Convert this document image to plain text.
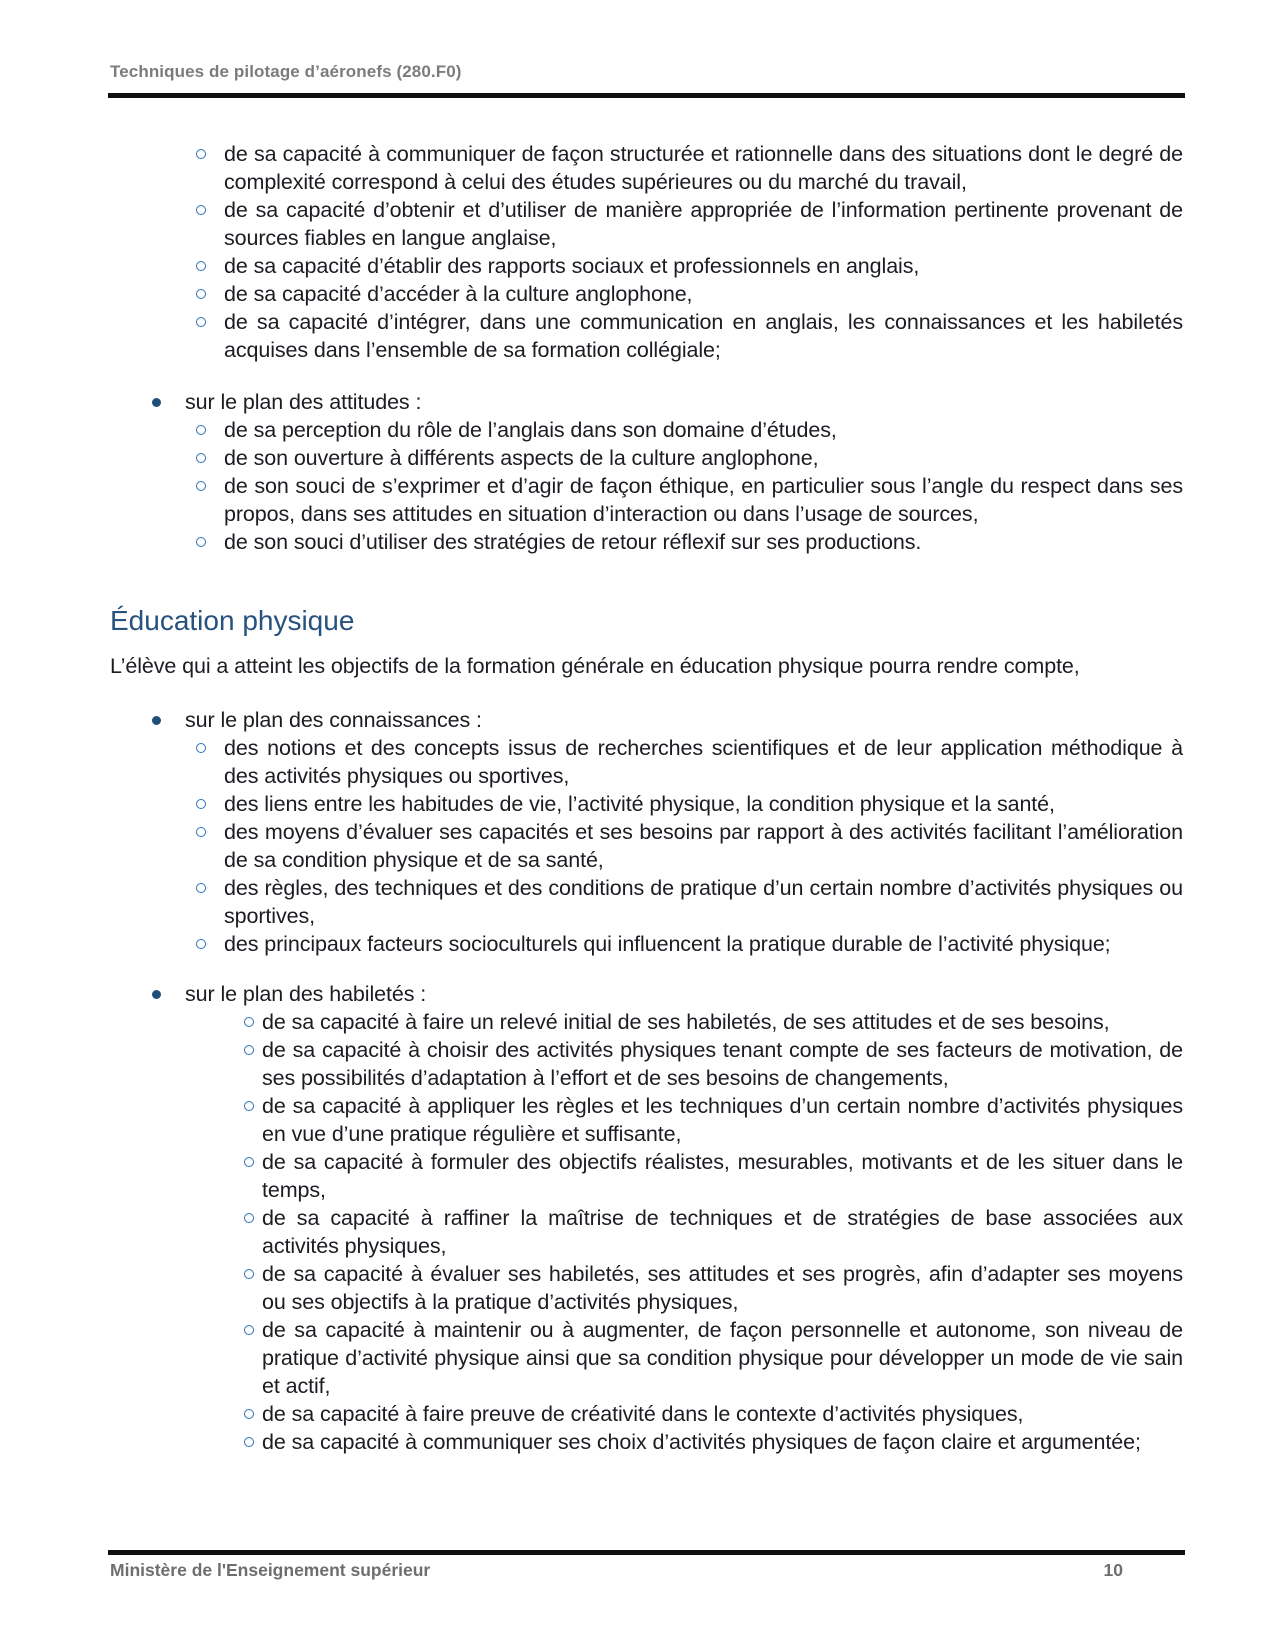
Techniques de pilotage d’aéronefs (280.F0)
de sa capacité à communiquer de façon structurée et rationnelle dans des situations dont le degré de complexité correspond à celui des études supérieures ou du marché du travail,
de sa capacité d’obtenir et d’utiliser de manière appropriée de l’information pertinente provenant de sources fiables en langue anglaise,
de sa capacité d’établir des rapports sociaux et professionnels en anglais,
de sa capacité d’accéder à la culture anglophone,
de sa capacité d’intégrer, dans une communication en anglais, les connaissances et les habiletés acquises dans l’ensemble de sa formation collégiale;
sur le plan des attitudes :
de sa perception du rôle de l’anglais dans son domaine d’études,
de son ouverture à différents aspects de la culture anglophone,
de son souci de s’exprimer et d’agir de façon éthique, en particulier sous l’angle du respect dans ses propos, dans ses attitudes en situation d’interaction ou dans l’usage de sources,
de son souci d’utiliser des stratégies de retour réflexif sur ses productions.
Éducation physique

L’élève qui a atteint les objectifs de la formation générale en éducation physique pourra rendre compte,

sur le plan des connaissances :
des notions et des concepts issus de recherches scientifiques et de leur application méthodique à des activités physiques ou sportives,
des liens entre les habitudes de vie, l’activité physique, la condition physique et la santé,
des moyens d’évaluer ses capacités et ses besoins par rapport à des activités facilitant l’amélioration de sa condition physique et de sa santé,
des règles, des techniques et des conditions de pratique d’un certain nombre d’activités physiques ou sportives,
des principaux facteurs socioculturels qui influencent la pratique durable de l’activité physique;
sur le plan des habiletés :
de sa capacité à faire un relevé initial de ses habiletés, de ses attitudes et de ses besoins,
de sa capacité à choisir des activités physiques tenant compte de ses facteurs de motivation, de ses possibilités d’adaptation à l’effort et de ses besoins de changements,
de sa capacité à appliquer les règles et les techniques d’un certain nombre d’activités physiques en vue d’une pratique régulière et suffisante,
de sa capacité à formuler des objectifs réalistes, mesurables, motivants et de les situer dans le temps,
de sa capacité à raffiner la maîtrise de techniques et de stratégies de base associées aux activités physiques,
de sa capacité à évaluer ses habiletés, ses attitudes et ses progrès, afin d’adapter ses moyens ou ses objectifs à la pratique d’activités physiques,
de sa capacité à maintenir ou à augmenter, de façon personnelle et autonome, son niveau de pratique d’activité physique ainsi que sa condition physique pour développer un mode de vie sain et actif,
de sa capacité à faire preuve de créativité dans le contexte d’activités physiques,
de sa capacité à communiquer ses choix d’activités physiques de façon claire et argumentée;
Ministère de l'Enseignement supérieur	10
